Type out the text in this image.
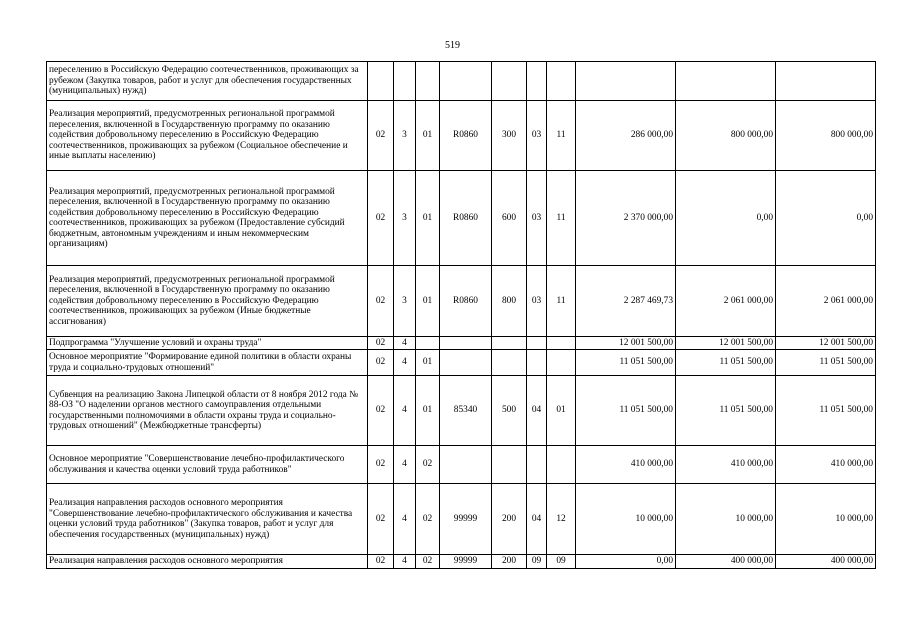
519
переселению в Российскую Федерацию соотечественников, проживающих за рубежом (Закупка товаров, работ и услуг для обеспечения государственных (муниципальных) нужд)										
Реализация мероприятий, предусмотренных региональной программой переселения, включенной в Государственную программу по оказанию содействия добровольному переселению в Российскую Федерацию соотечественников, проживающих за рубежом (Социальное обеспечение и иные выплаты населению)	02	3	01	R0860	300	03	11	286 000,00	800 000,00	800 000,00
Реализация мероприятий, предусмотренных региональной программой переселения, включенной в Государственную программу по оказанию содействия добровольному переселению в Российскую Федерацию соотечественников, проживающих за рубежом (Предоставление субсидий бюджетным, автономным учреждениям и иным некоммерческим организациям)	02	3	01	R0860	600	03	11	2 370 000,00	0,00	0,00
Реализация мероприятий, предусмотренных региональной программой переселения, включенной в Государственную программу по оказанию содействия добровольному переселению в Российскую Федерацию соотечественников, проживающих за рубежом (Иные бюджетные ассигнования)	02	3	01	R0860	800	03	11	2 287 469,73	2 061 000,00	2 061 000,00
Подпрограмма "Улучшение условий и охраны труда"	02	4						12 001 500,00	12 001 500,00	12 001 500,00
Основное мероприятие "Формирование единой политики в области охраны труда и социально-трудовых отношений"	02	4	01					11 051 500,00	11 051 500,00	11 051 500,00
Субвенция на реализацию Закона Липецкой области от 8 ноября 2012 года № 88-ОЗ "О наделении органов местного самоуправления отдельными государственными полномочиями в области охраны труда и социально-трудовых отношений" (Межбюджетные трансферты)	02	4	01	85340	500	04	01	11 051 500,00	11 051 500,00	11 051 500,00
Основное мероприятие "Совершенствование лечебно-профилактического обслуживания и качества оценки условий труда работников"	02	4	02					410 000,00	410 000,00	410 000,00
Реализация направления расходов основного мероприятия "Совершенствование лечебно-профилактического обслуживания и качества оценки условий труда работников" (Закупка товаров, работ и услуг для обеспечения государственных (муниципальных) нужд)	02	4	02	99999	200	04	12	10 000,00	10 000,00	10 000,00
Реализация направления расходов основного мероприятия	02	4	02	99999	200	09	09	0,00	400 000,00	400 000,00
